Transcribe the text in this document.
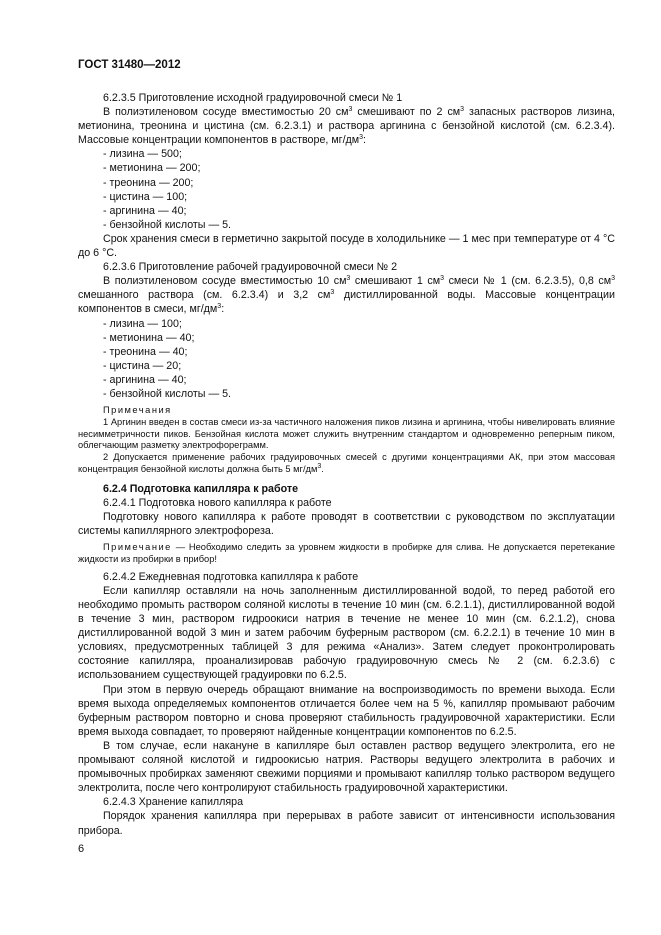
ГОСТ 31480—2012

6.2.3.5 Приготовление исходной градуировочной смеси № 1

В полиэтиленовом сосуде вместимостью 20 $см^3$ смешивают по 2 $см^3$ запасных растворов лизина, метионина, треонина и цистина (см. 6.2.3.1) и раствора аргинина с бензойной кислотой (см. 6.2.3.4). Массовые концентрации компонентов в растворе, $мг/дм^3$:

- лизина — 500;

- метионина — 200;

- треонина — 200;

- цистина — 100;

- аргинина — 40;

- бензойной кислоты — 5.

Срок хранения смеси в герметично закрытой посуде в холодильнике — 1 мес при температуре от 4 °С до 6 °С.

6.2.3.6 Приготовление рабочей градуировочной смеси № 2

В полиэтиленовом сосуде вместимостью 10 $см^3$ смешивают 1 $см^3$ смеси № 1 (см. 6.2.3.5), 0,8 $см^3$ смешанного раствора (см. 6.2.3.4) и 3,2 $см^3$ дистиллированной воды. Массовые концентрации компонентов в смеси, $мг/дм^3$:

- лизина — 100;

- метионина — 40;

- треонина — 40;

- цистина — 20;

- аргинина — 40;

- бензойной кислоты — 5.

Примечания

1 Аргинин введен в состав смеси из-за частичного наложения пиков лизина и аргинина, чтобы нивелировать влияние несимметричности пиков. Бензойная кислота может служить внутренним стандартом и одновременно реперным пиком, облегчающим разметку электрофореграмм.

2 Допускается применение рабочих градуировочных смесей с другими концентрациями АК, при этом массовая концентрация бензойной кислоты должна быть 5 $мг/дм^3$.

6.2.4 Подготовка капилляра к работе

6.2.4.1 Подготовка нового капилляра к работе

Подготовку нового капилляра к работе проводят в соответствии с руководством по эксплуатации системы капиллярного электрофореза.

Примечание — Необходимо следить за уровнем жидкости в пробирке для слива. Не допускается перетекание жидкости из пробирки в прибор!

6.2.4.2 Ежедневная подготовка капилляра к работе

Если капилляр оставляли на ночь заполненным дистиллированной водой, то перед работой его необходимо промыть раствором соляной кислоты в течение 10 мин (см. 6.2.1.1), дистиллированной водой в течение 3 мин, раствором гидроокиси натрия в течение не менее 10 мин (см. 6.2.1.2), снова дистиллированной водой 3 мин и затем рабочим буферным раствором (см. 6.2.2.1) в течение 10 мин в условиях, предусмотренных таблицей 3 для режима «Анализ». Затем следует проконтролировать состояние капилляра, проанализировав рабочую градуировочную смесь № 2 (см. 6.2.3.6) с использованием существующей градуировки по 6.2.5.

При этом в первую очередь обращают внимание на воспроизводимость по времени выхода. Если время выхода определяемых компонентов отличается более чем на 5 %, капилляр промывают рабочим буферным раствором повторно и снова проверяют стабильность градуировочной характеристики. Если время выхода совпадает, то проверяют найденные концентрации компонентов по 6.2.5.

В том случае, если накануне в капилляре был оставлен раствор ведущего электролита, его не промывают соляной кислотой и гидроокисью натрия. Растворы ведущего электролита в рабочих и промывочных пробирках заменяют свежими порциями и промывают капилляр только раствором ведущего электролита, после чего контролируют стабильность градуировочной характеристики.

6.2.4.3 Хранение капилляра

Порядок хранения капилляра при перерывах в работе зависит от интенсивности использования прибора.

6
